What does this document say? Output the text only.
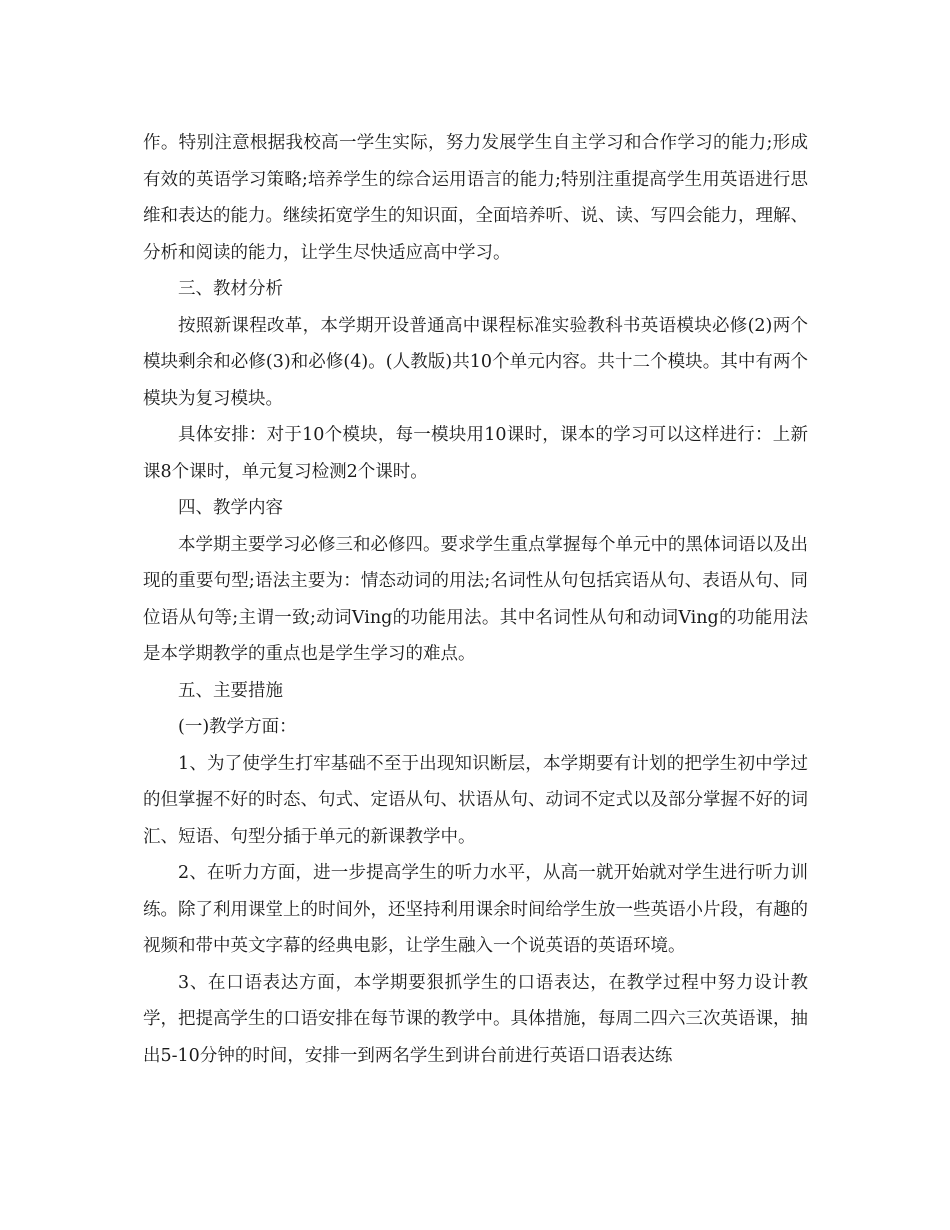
作。特别注意根据我校高一学生实际，努力发展学生自主学习和合作学习的能力;形成有效的英语学习策略;培养学生的综合运用语言的能力;特别注重提高学生用英语进行思维和表达的能力。继续拓宽学生的知识面，全面培养听、说、读、写四会能力，理解、分析和阅读的能力，让学生尽快适应高中学习。

三、教材分析

按照新课程改革，本学期开设普通高中课程标准实验教科书英语模块必修(2)两个模块剩余和必修(3)和必修(4)。(人教版)共10个单元内容。共十二个模块。其中有两个模块为复习模块。

具体安排：对于10个模块，每一模块用10课时，课本的学习可以这样进行：上新课8个课时，单元复习检测2个课时。

四、教学内容

本学期主要学习必修三和必修四。要求学生重点掌握每个单元中的黑体词语以及出现的重要句型;语法主要为：情态动词的用法;名词性从句包括宾语从句、表语从句、同位语从句等;主谓一致;动词Ving的功能用法。其中名词性从句和动词Ving的功能用法是本学期教学的重点也是学生学习的难点。

五、主要措施

(一)教学方面：

1、为了使学生打牢基础不至于出现知识断层，本学期要有计划的把学生初中学过的但掌握不好的时态、句式、定语从句、状语从句、动词不定式以及部分掌握不好的词汇、短语、句型分插于单元的新课教学中。

2、在听力方面，进一步提高学生的听力水平，从高一就开始就对学生进行听力训练。除了利用课堂上的时间外，还坚持利用课余时间给学生放一些英语小片段，有趣的视频和带中英文字幕的经典电影，让学生融入一个说英语的英语环境。

3、在口语表达方面，本学期要狠抓学生的口语表达，在教学过程中努力设计教学，把提高学生的口语安排在每节课的教学中。具体措施，每周二四六三次英语课，抽出5-10分钟的时间，安排一到两名学生到讲台前进行英语口语表达练
